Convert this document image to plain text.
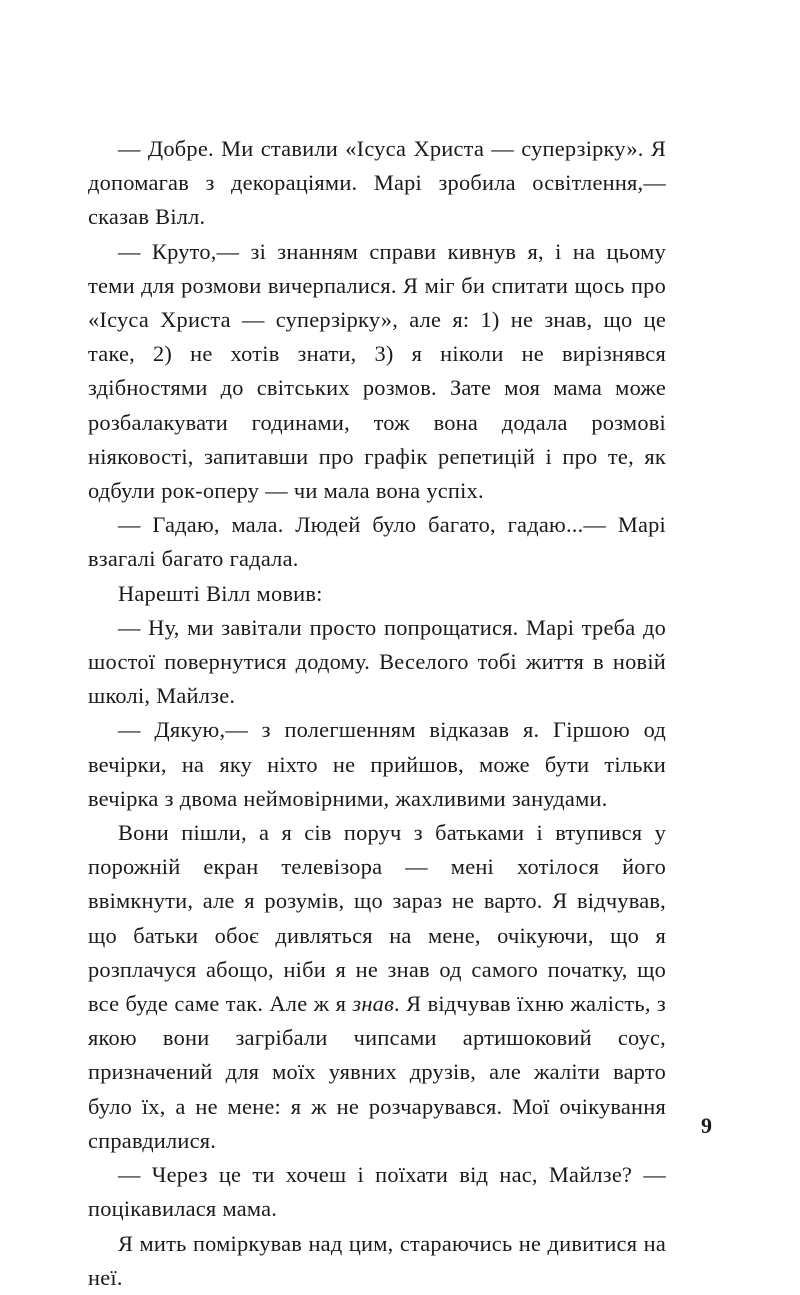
— Добре. Ми ставили «Ісуса Христа — суперзірку». Я допомагав з декораціями. Марі зробила освітлення,— сказав Вілл.

— Круто,— зі знанням справи кивнув я, і на цьому теми для розмови вичерпалися. Я міг би спитати щось про «Ісуса Христа — суперзірку», але я: 1) не знав, що це таке, 2) не хотів знати, 3) я ніколи не вирізнявся здібностями до світських розмов. Зате моя мама може розбалакувати годинами, тож вона додала розмові ніяковості, запитавши про графік репетицій і про те, як одбули рок-оперу — чи мала вона успіх.

— Гадаю, мала. Людей було багато, гадаю...— Марі взагалі багато гадала.

Нарешті Вілл мовив:

— Ну, ми завітали просто попрощатися. Марі треба до шостої повернутися додому. Веселого тобі життя в новій школі, Майлзе.

— Дякую,— з полегшенням відказав я. Гіршою од вечірки, на яку ніхто не прийшов, може бути тільки вечірка з двома неймовірними, жахливими занудами.

Вони пішли, а я сів поруч з батьками і втупився у порожній екран телевізора — мені хотілося його ввімкнути, але я розумів, що зараз не варто. Я відчував, що батьки обоє дивляться на мене, очікуючи, що я розплачуся абощо, ніби я не знав од самого початку, що все буде саме так. Але ж я знав. Я відчував їхню жалість, з якою вони загрібали чипсами артишоковий соус, призначений для моїх уявних друзів, але жаліти варто було їх, а не мене: я ж не розчарувався. Мої очікування справдилися.

— Через це ти хочеш і поїхати від нас, Майлзе? — поцікавилася мама.

Я мить поміркував над цим, стараючись не дивитися на неї.

9
